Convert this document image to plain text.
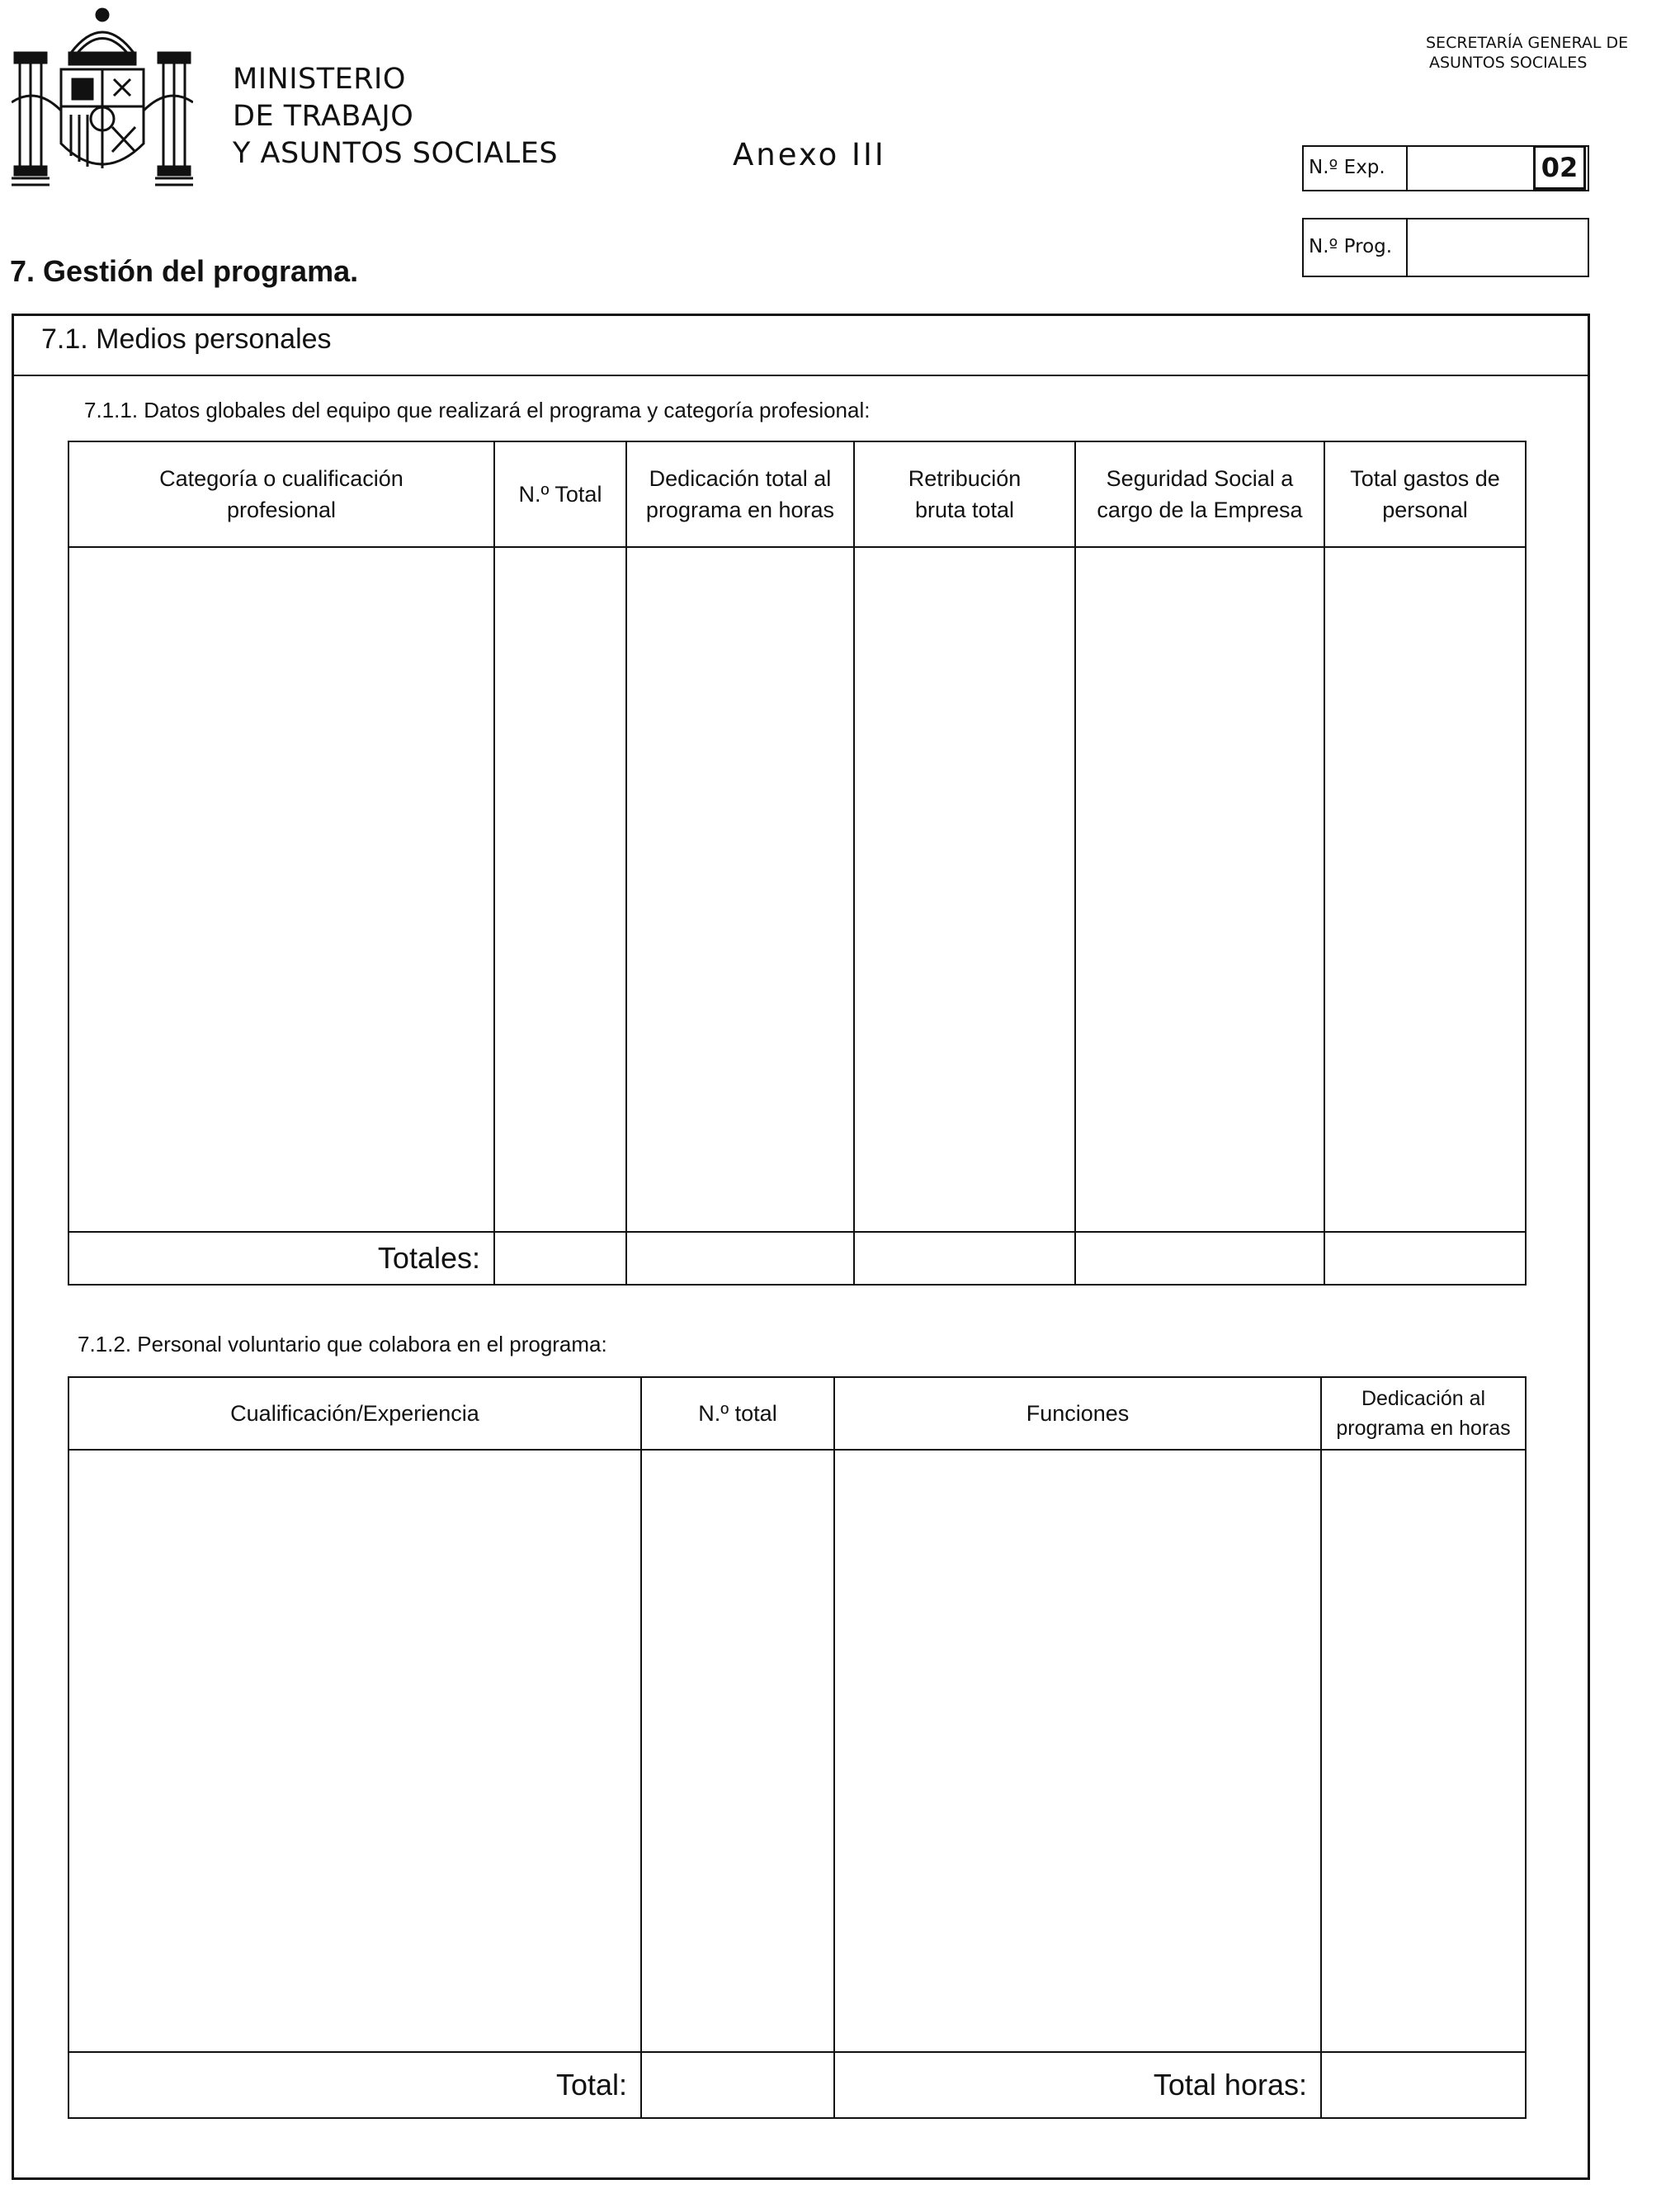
MINISTERIO
DE TRABAJO
Y ASUNTOS SOCIALES	Anexo III
SECRETARÍA GENERAL DE
ASUNTOS SOCIALES
N.º Exp.	02
N.º Prog.
7. Gestión del programa.
7.1. Medios personales
7.1.1. Datos globales del equipo que realizará el programa y categoría profesional:
Categoría o cualificación profesional	N.º Total	Dedicación total al programa en horas	Retribución bruta total	Seguridad Social a cargo de la Empresa	Total gastos de personal

Totales:					
7.1.2. Personal voluntario que colabora en el programa:
Cualificación/Experiencia	N.º total	Funciones	Dedicación al programa en horas

Total:		Total horas:	
